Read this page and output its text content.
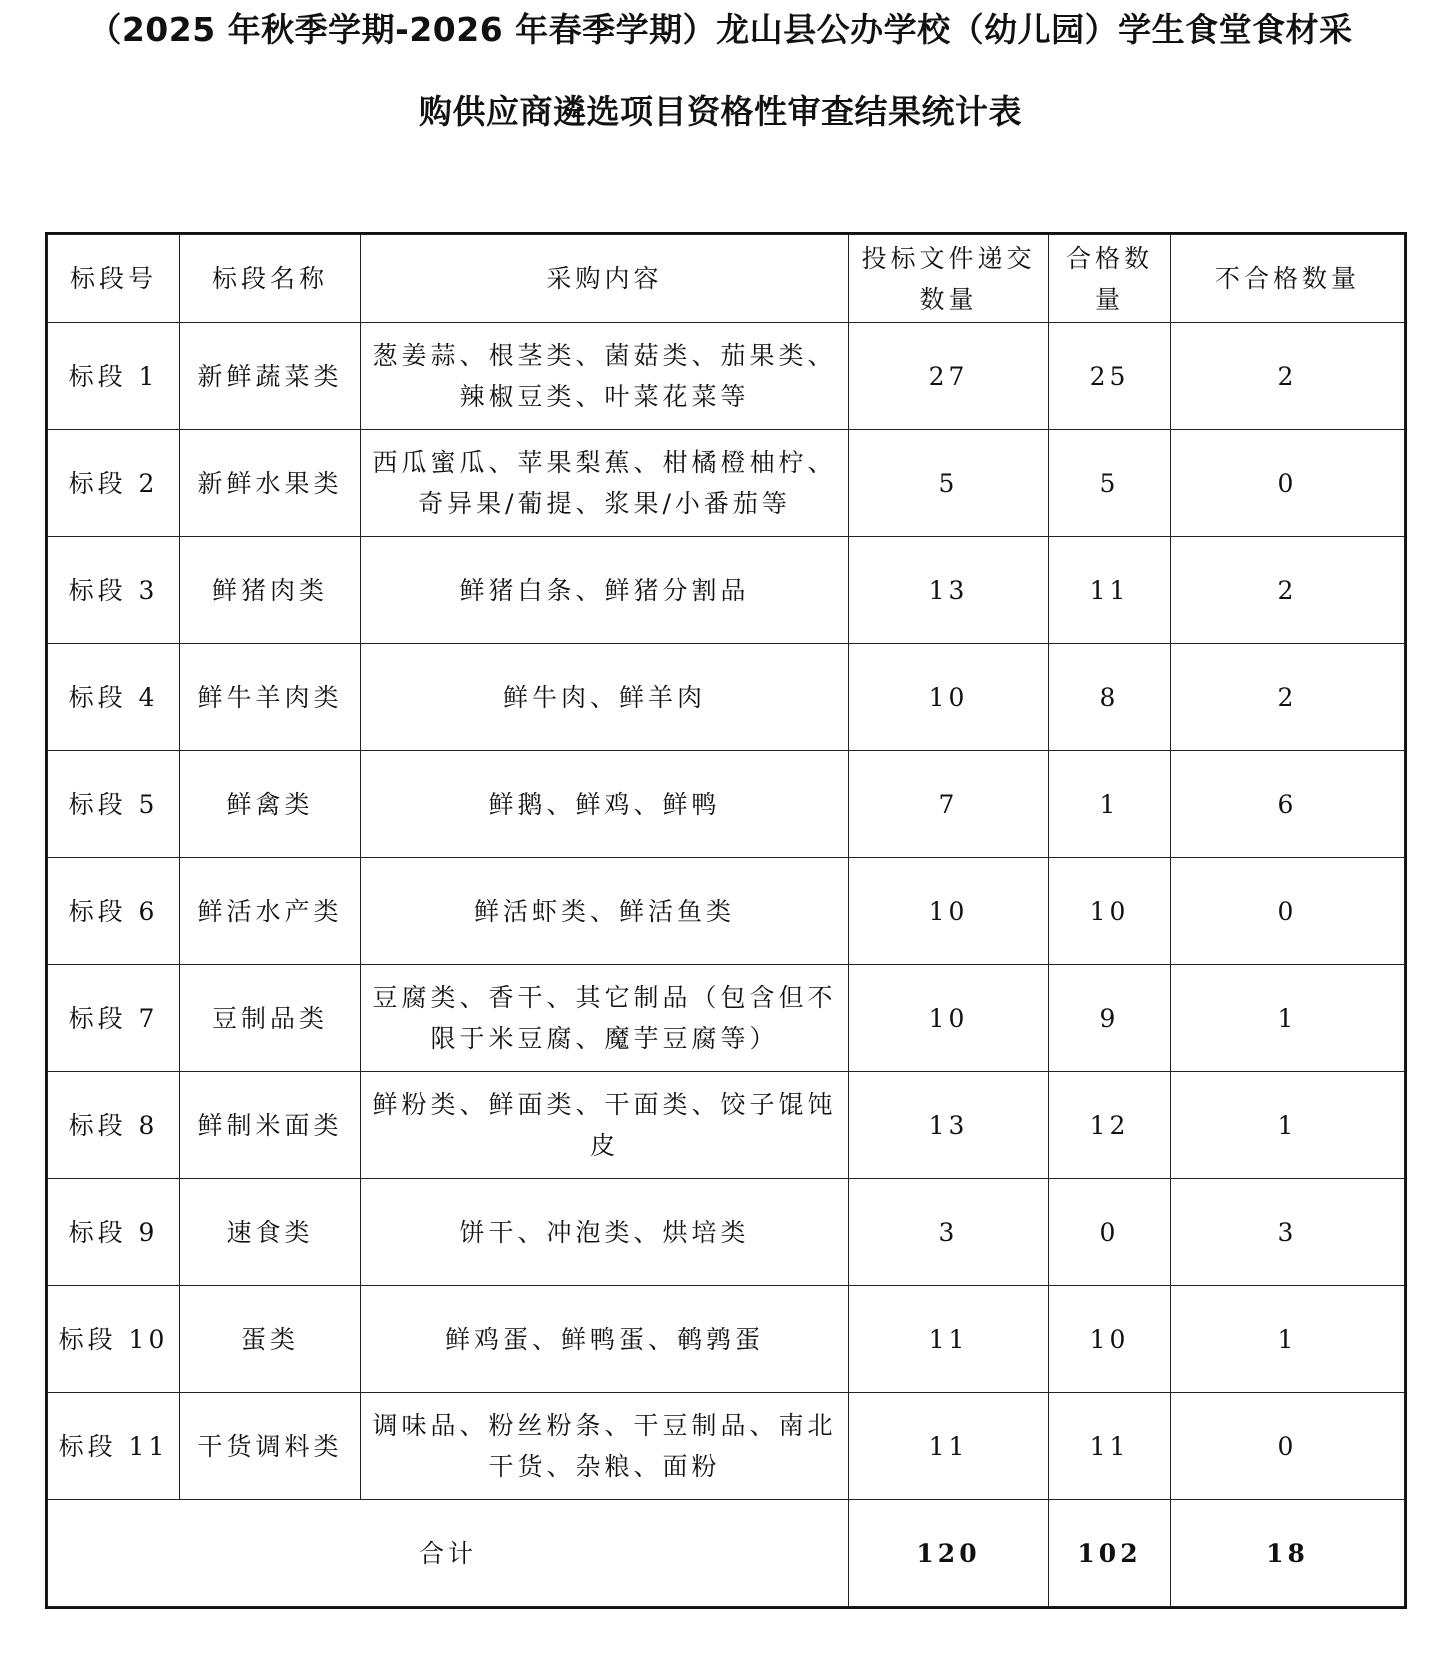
（2025 年秋季学期-2026 年春季学期）龙山县公办学校（幼儿园）学生食堂食材采
购供应商遴选项目资格性审查结果统计表
标段号	标段名称	采购内容	投标文件递交数量	合格数量	不合格数量
标段 1	新鲜蔬菜类	葱姜蒜、根茎类、菌菇类、茄果类、辣椒豆类、叶菜花菜等	27	25	2
标段 2	新鲜水果类	西瓜蜜瓜、苹果梨蕉、柑橘橙柚柠、奇异果/葡提、浆果/小番茄等	5	5	0
标段 3	鲜猪肉类	鲜猪白条、鲜猪分割品	13	11	2
标段 4	鲜牛羊肉类	鲜牛肉、鲜羊肉	10	8	2
标段 5	鲜禽类	鲜鹅、鲜鸡、鲜鸭	7	1	6
标段 6	鲜活水产类	鲜活虾类、鲜活鱼类	10	10	0
标段 7	豆制品类	豆腐类、香干、其它制品（包含但不限于米豆腐、魔芋豆腐等）	10	9	1
标段 8	鲜制米面类	鲜粉类、鲜面类、干面类、饺子馄饨皮	13	12	1
标段 9	速食类	饼干、冲泡类、烘培类	3	0	3
标段 10	蛋类	鲜鸡蛋、鲜鸭蛋、鹌鹑蛋	11	10	1
标段 11	干货调料类	调味品、粉丝粉条、干豆制品、南北干货、杂粮、面粉	11	11	0
合计			120	102	18
